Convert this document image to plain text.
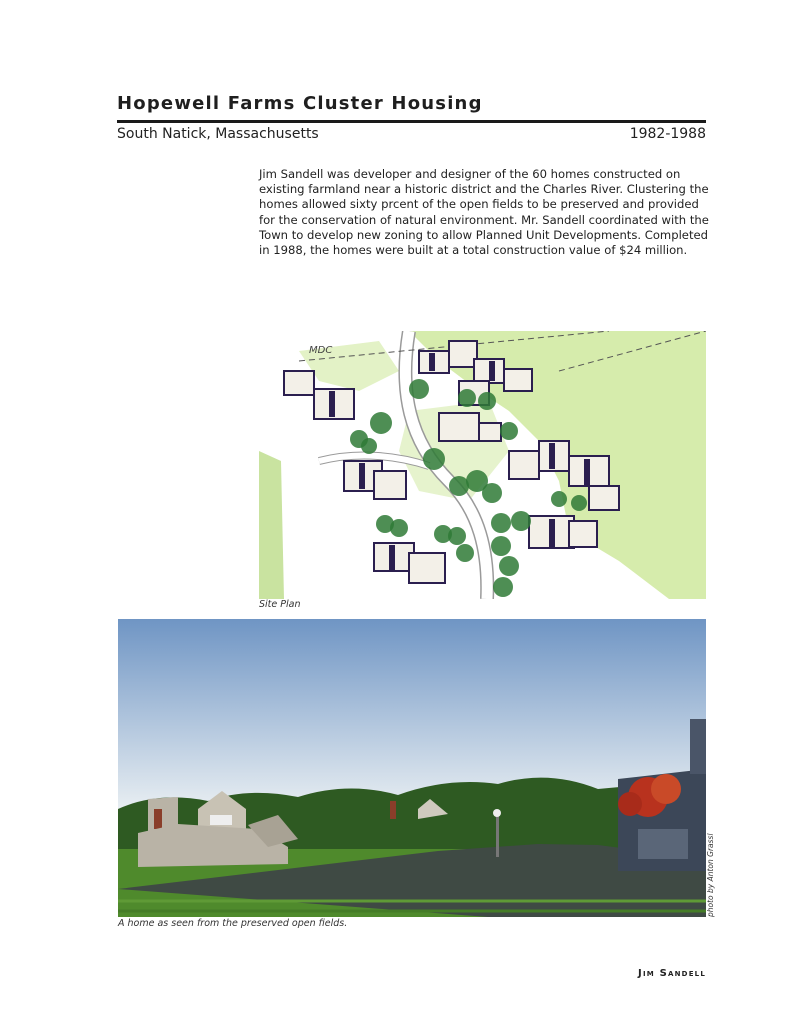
Hopewell Farms Cluster Housing
South Natick, Massachusetts	1982-1988

Jim Sandell was developer and designer of the 60 homes constructed on existing farmland near a historic district and the Charles River. Clustering the homes allowed sixty prcent of the open fields to be preserved and provided for the conservation of natural environment. Mr. Sandell coordinated with the Town to develop new zoning to allow Planned Unit Developments. Completed in 1988, the homes were built at a total construction value of $24 million.

MDC
Site Plan
A home as seen from the preserved open fields.
photo by Anton Grassl
Jim Sandell
